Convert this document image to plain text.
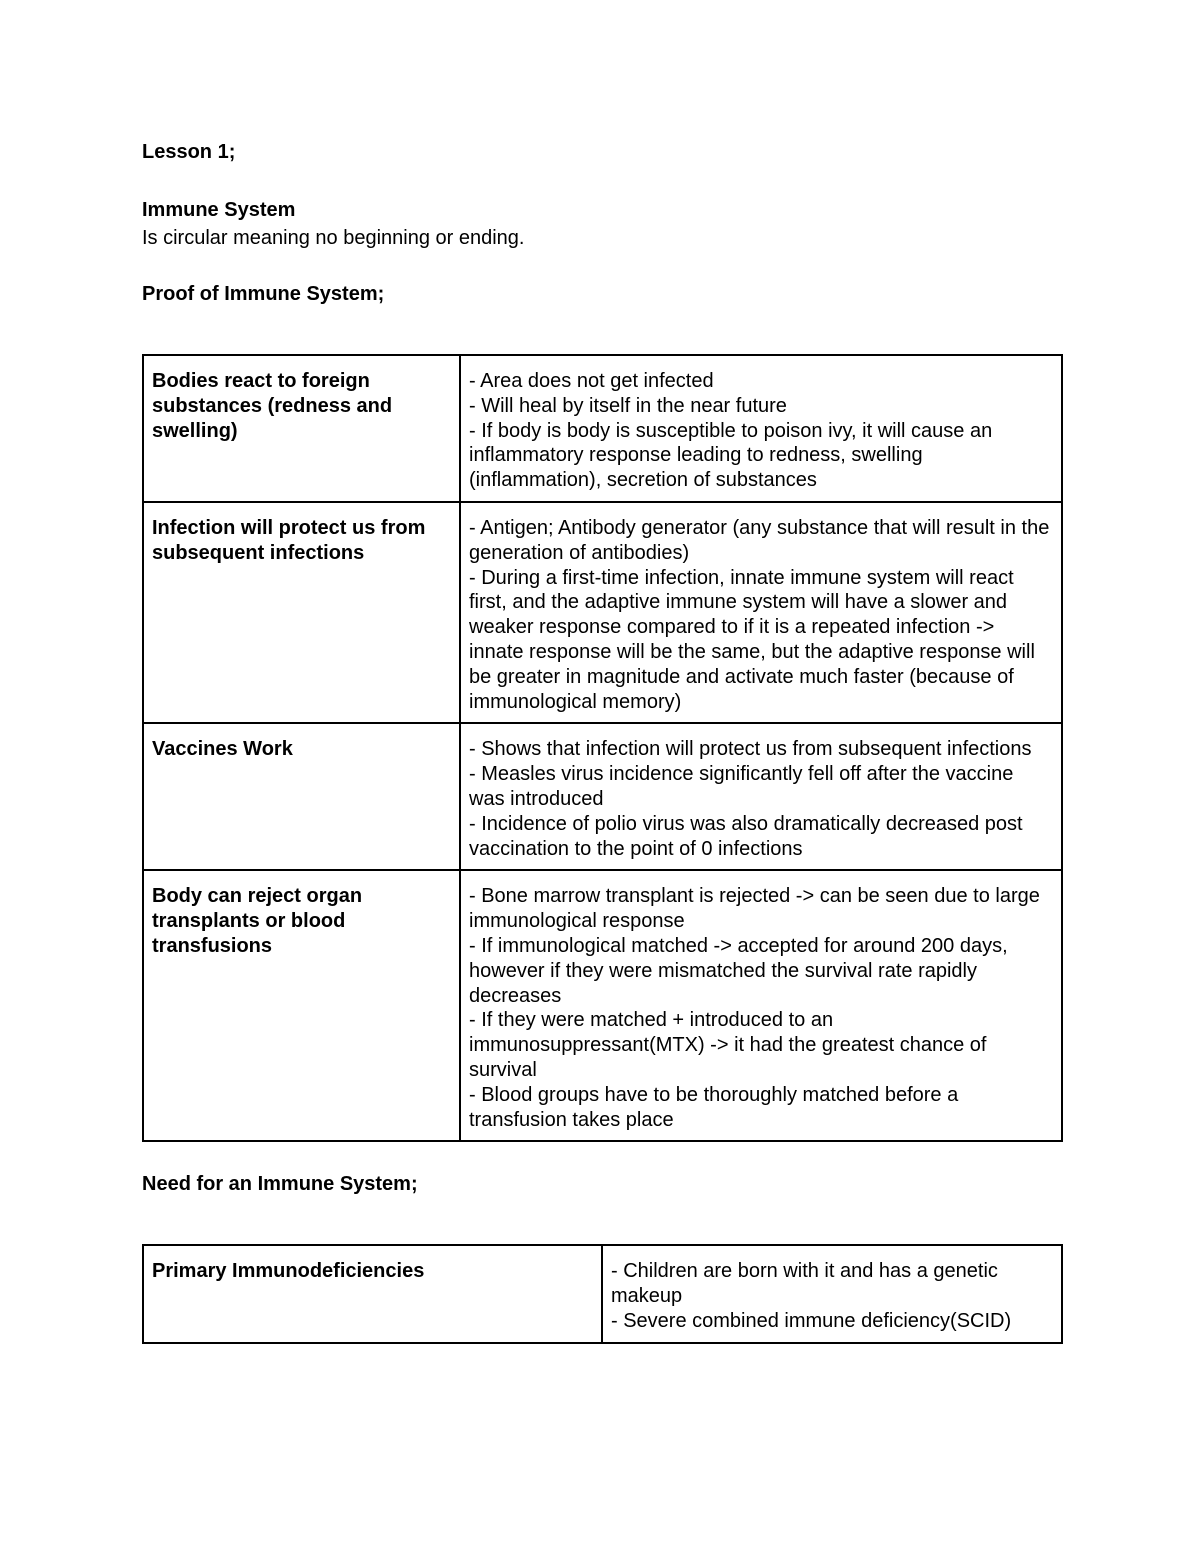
Lesson 1;

Immune System

Is circular meaning no beginning or ending.

Proof of Immune System;

Bodies react to foreign substances (redness and swelling)	- Area does not get infected
- Will heal by itself in the near future
- If body is body is susceptible to poison ivy, it will cause an inflammatory response leading to redness, swelling (inflammation), secretion of substances

Infection will protect us from subsequent infections	- Antigen; Antibody generator (any substance that will result in the generation of antibodies)
- During a first-time infection, innate immune system will react first, and the adaptive immune system will have a slower and weaker response compared to if it is a repeated infection -> innate response will be the same, but the adaptive response will be greater in magnitude and activate much faster (because of immunological memory)

Vaccines Work	- Shows that infection will protect us from subsequent infections
- Measles virus incidence significantly fell off after the vaccine was introduced
- Incidence of polio virus was also dramatically decreased post vaccination to the point of 0 infections

Body can reject organ transplants or blood transfusions	- Bone marrow transplant is rejected -> can be seen due to large immunological response
- If immunological matched -> accepted for around 200 days, however if they were mismatched the survival rate rapidly decreases
- If they were matched + introduced to an immunosuppressant(MTX) -> it had the greatest chance of survival
- Blood groups have to be thoroughly matched before a transfusion takes place

Need for an Immune System;

Primary Immunodeficiencies	- Children are born with it and has a genetic makeup
- Severe combined immune deficiency(SCID)
